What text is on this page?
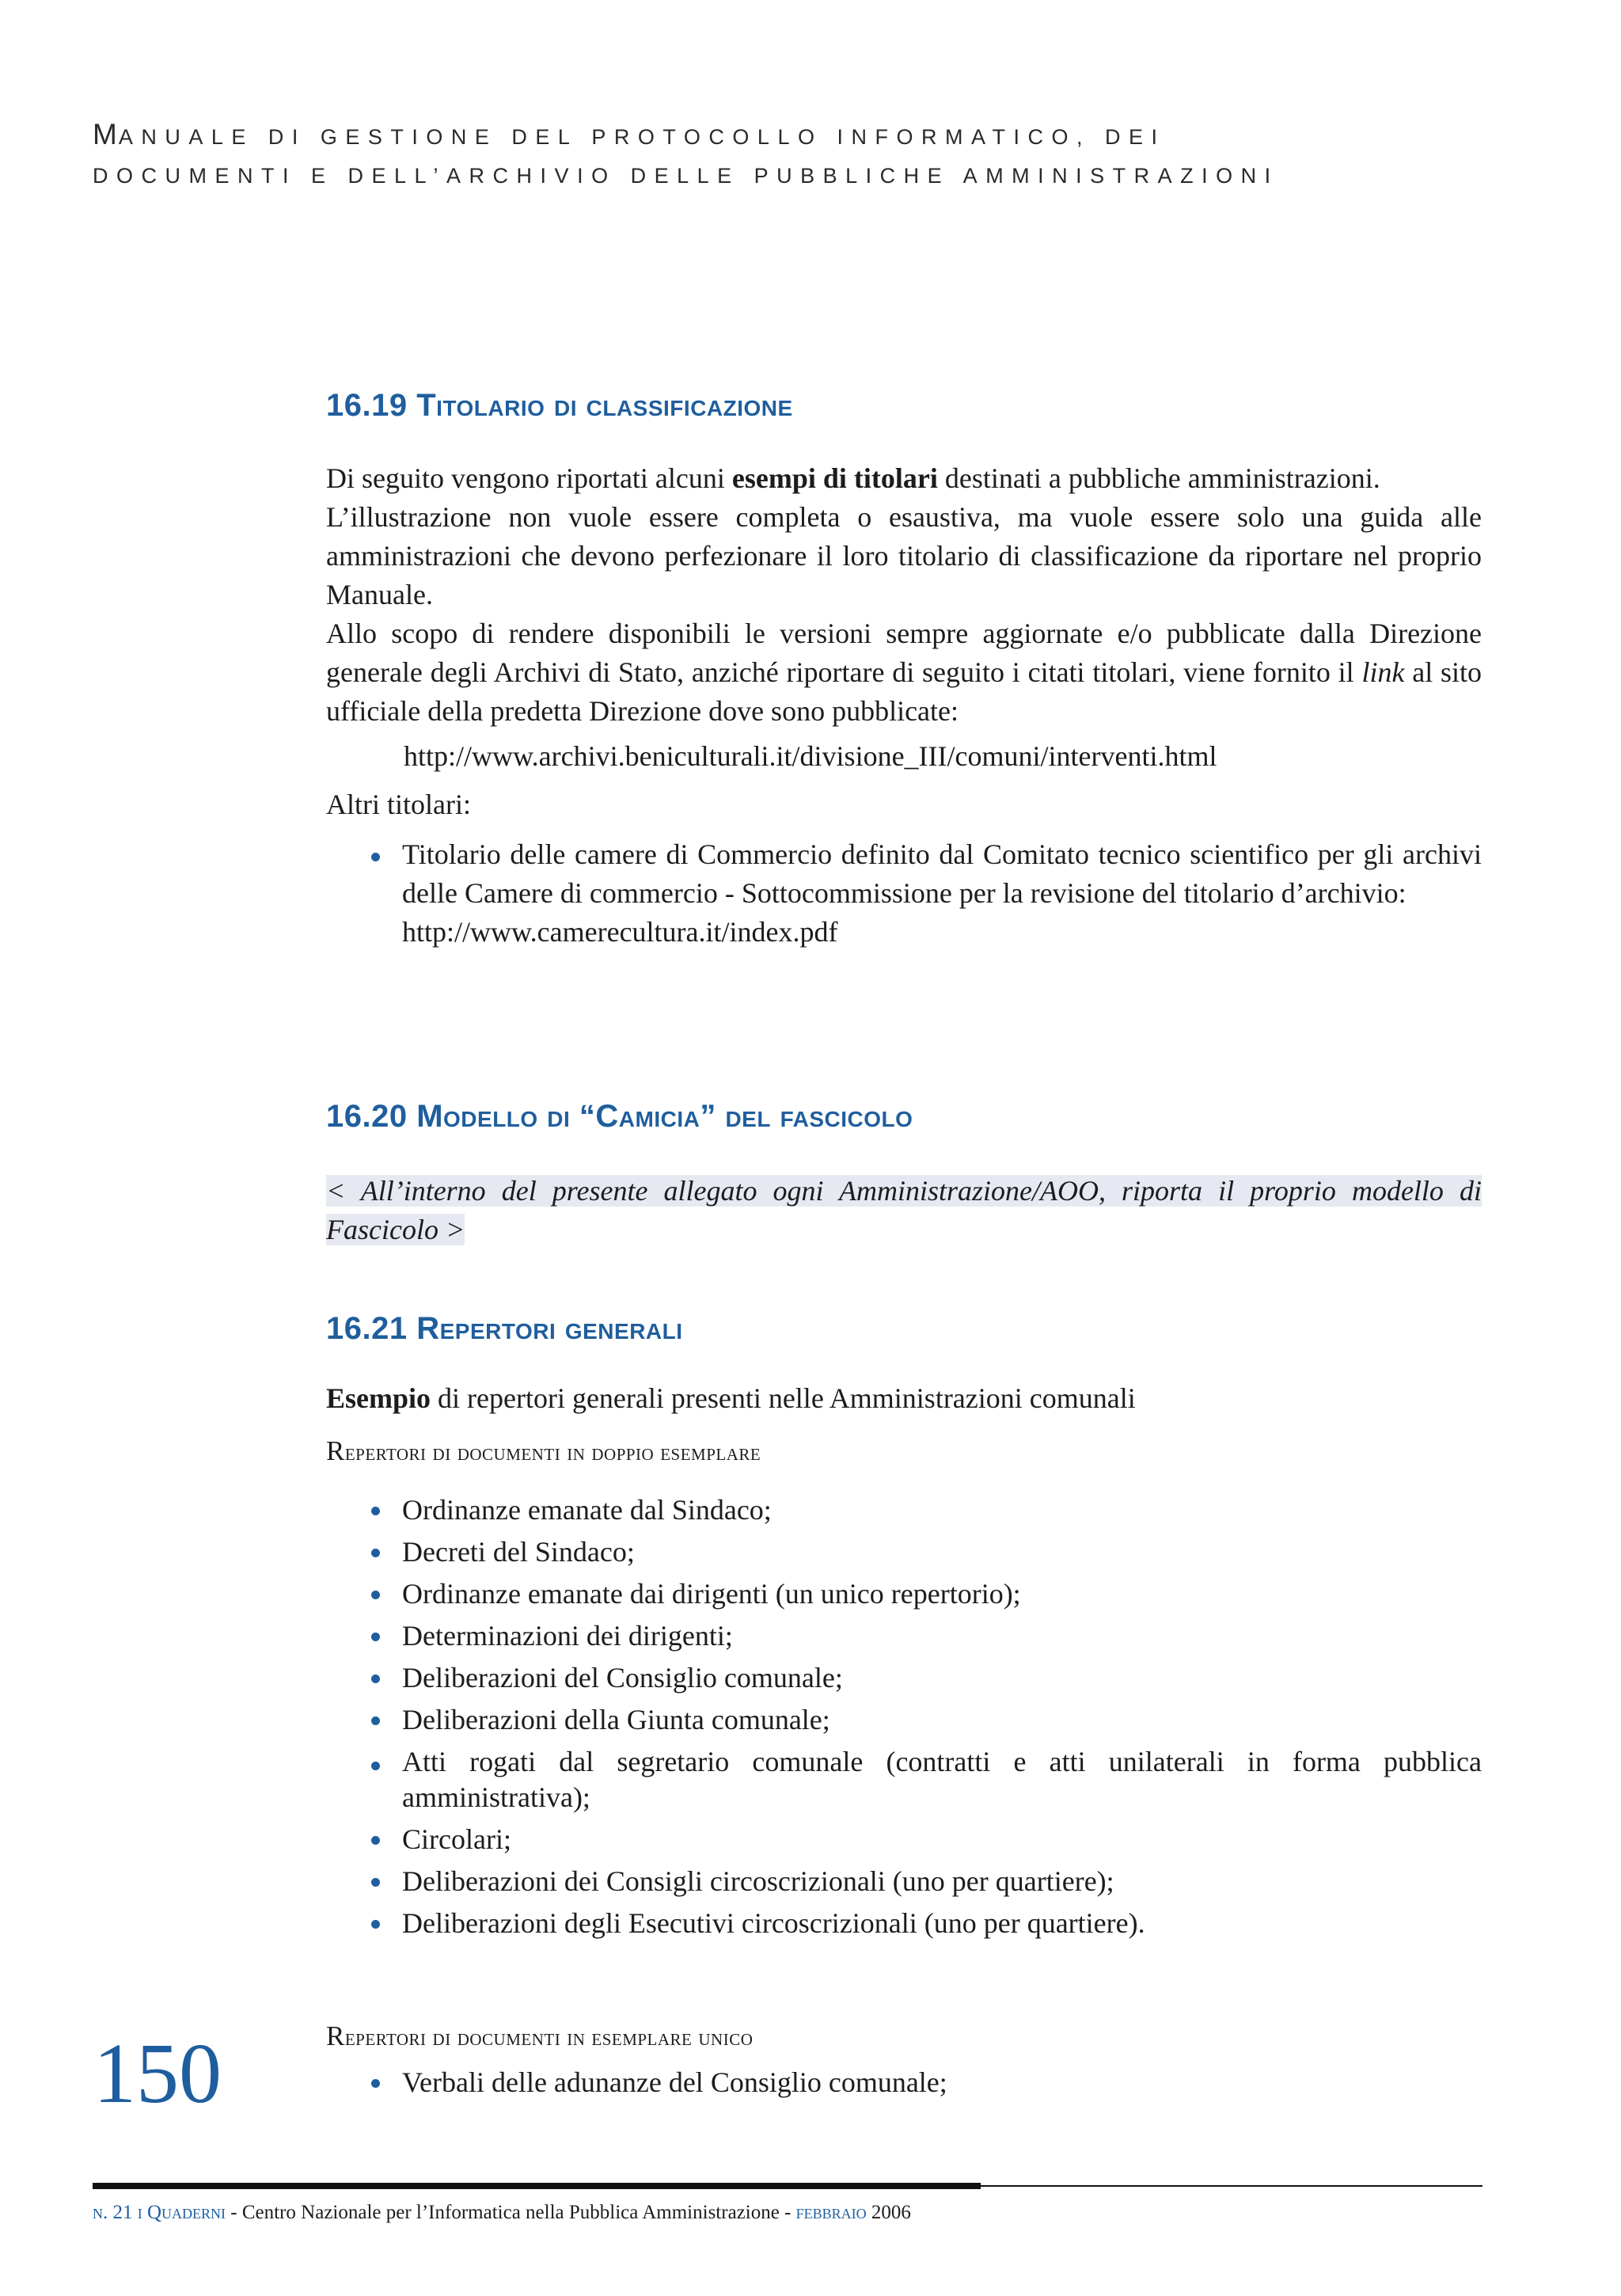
MANUALE DI GESTIONE DEL PROTOCOLLO INFORMATICO, DEI
DOCUMENTI E DELL’ARCHIVIO DELLE PUBBLICHE AMMINISTRAZIONI
16.19 Titolario di classificazione

Di seguito vengono riportati alcuni esempi di titolari destinati a pubbliche amministrazioni.

L’illustrazione non vuole essere completa o esaustiva, ma vuole essere solo una guida alle amministrazioni che devono perfezionare il loro titolario di classificazione da riportare nel proprio Manuale.

Allo scopo di rendere disponibili le versioni sempre aggiornate e/o pubblicate dalla Direzione generale degli Archivi di Stato, anziché riportare di seguito i citati titolari, viene fornito il link al sito ufficiale della predetta Direzione dove sono pubblicate:

http://www.archivi.beniculturali.it/divisione_III/comuni/interventi.html

Altri titolari:

Titolario delle camere di Commercio definito dal Comitato tecnico scientifico per gli archivi delle Camere di commercio - Sottocommissione per la revisione del titolario d’archivio:
http://www.camerecultura.it/index.pdf
16.20 Modello di “Camicia” del fascicolo

< All’interno del presente allegato ogni Amministrazione/AOO, riporta il proprio modello di Fascicolo >

16.21 Repertori generali

Esempio di repertori generali presenti nelle Amministrazioni comunali

Repertori di documenti in doppio esemplare
Ordinanze emanate dal Sindaco;
Decreti del Sindaco;
Ordinanze emanate dai dirigenti (un unico repertorio);
Determinazioni dei dirigenti;
Deliberazioni del Consiglio comunale;
Deliberazioni della Giunta comunale;
Atti rogati dal segretario comunale (contratti e atti unilaterali in forma pubblica amministrativa);
Circolari;
Deliberazioni dei Consigli circoscrizionali (uno per quartiere);
Deliberazioni degli Esecutivi circoscrizionali (uno per quartiere).
Repertori di documenti in esemplare unico
Verbali delle adunanze del Consiglio comunale;
150
n. 21 i Quaderni - Centro Nazionale per l’Informatica nella Pubblica Amministrazione - febbraio 2006
